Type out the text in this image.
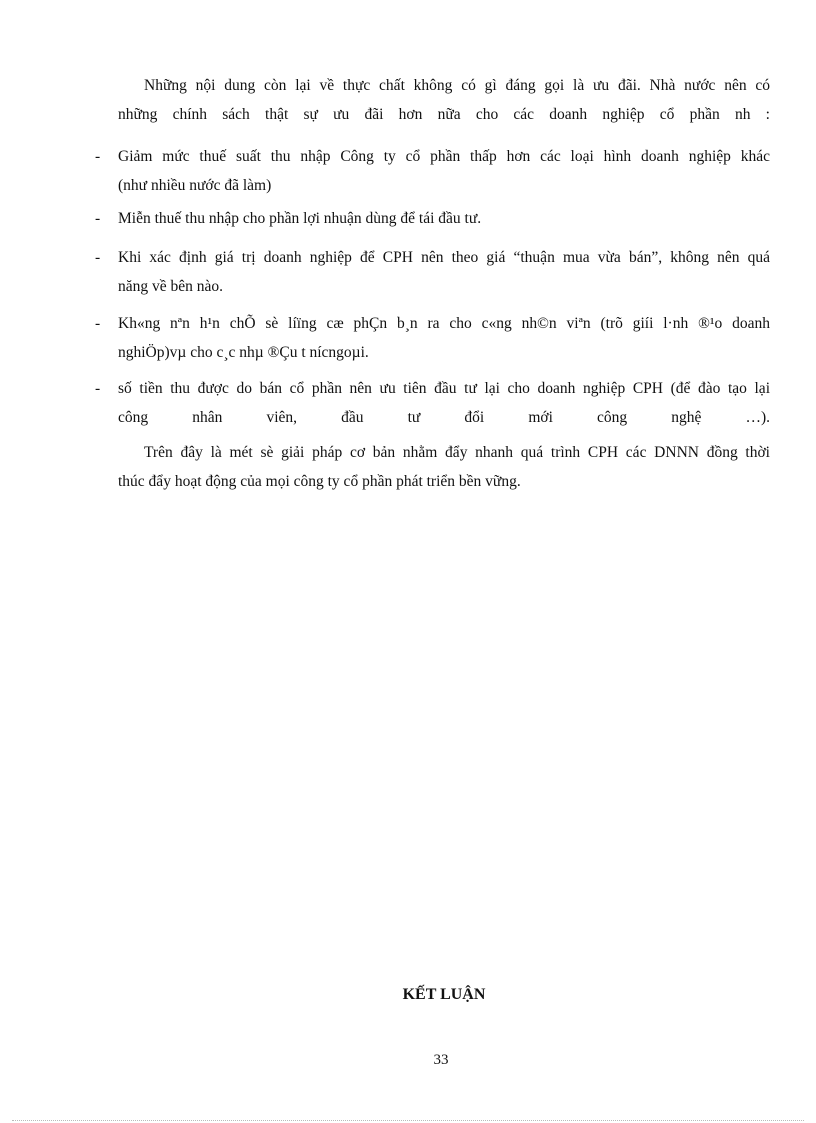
Những nội dung còn lại về thực chất không có gì đáng gọi là ưu đãi. Nhà nước nên có
những chính sách thật sự ưu đãi hơn nữa cho các doanh nghiệp cổ phần nh :

- Giảm mức thuế suất thu nhập Công ty cổ phần thấp hơn các loại hình doanh nghiệp khác
(như nhiều nước đã làm)

- Miễn thuế thu nhập cho phần lợi nhuận dùng để tái đầu tư.

- Khi xác định giá trị doanh nghiệp để CPH nên theo giá “thuận mua vừa bán”, không nên quá
năng về bên nào.

- Kh«ng nªn h¹n chÕ sè líïng cæ phÇn b¸n ra cho c«ng nh©n viªn (trõ giíi l·nh ®¹o doanh
nghiÖp)vµ cho c¸c nhµ ®Çu t nícngoµi.

- số tiền thu được do bán cổ phần nên ưu tiên đầu tư lại cho doanh nghiệp CPH (để đào tạo lại
công nhân viên, đầu tư đổi mới công nghệ …).

Trên đây là mét sè giải pháp cơ bản nhằm đẩy nhanh quá trình CPH các DNNN đồng thời
thúc đẩy hoạt động của mọi công ty cổ phần phát triển bền vững.

KẾT LUẬN
33
